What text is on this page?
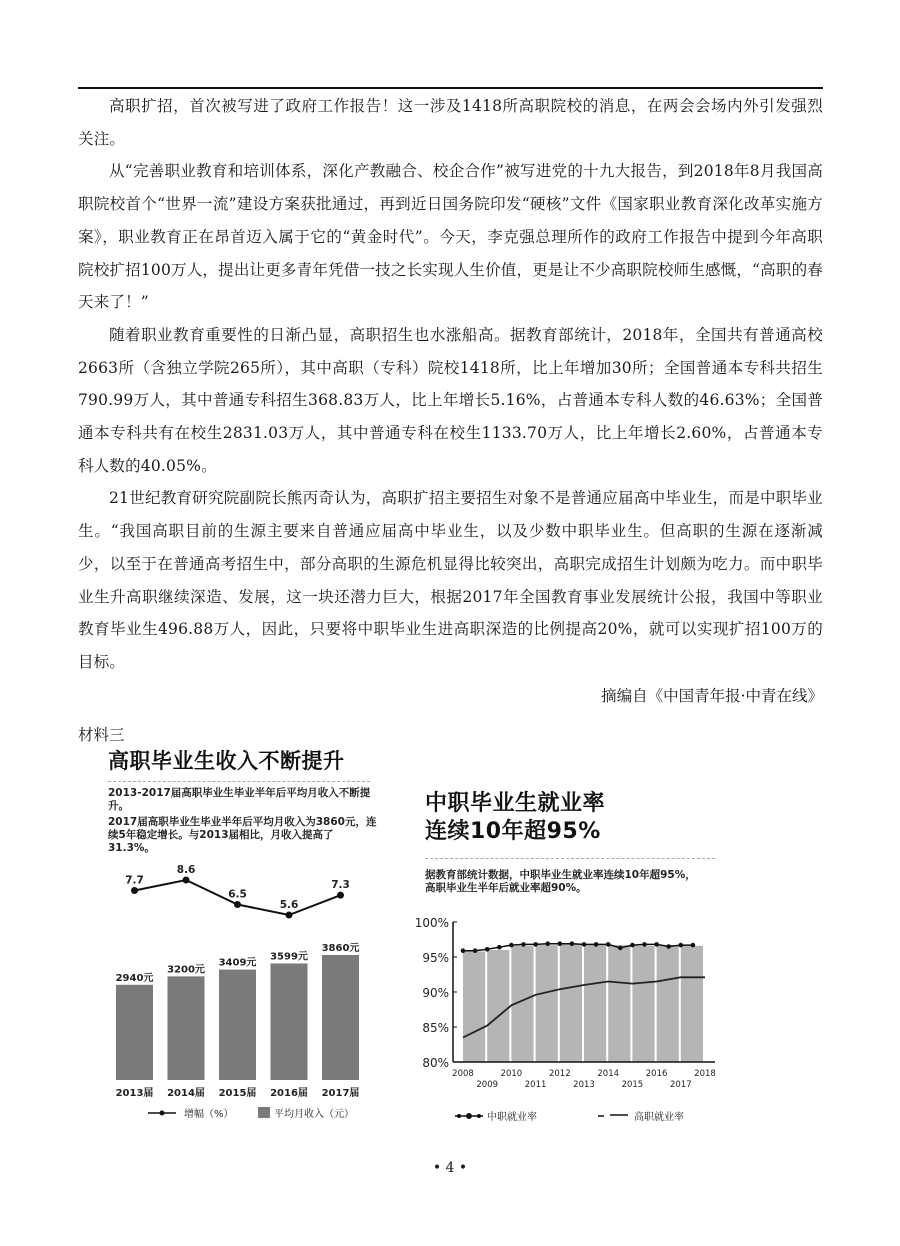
高职扩招，首次被写进了政府工作报告！这一涉及1418所高职院校的消息，在两会会场内外引发强烈关注。

从“完善职业教育和培训体系，深化产教融合、校企合作”被写进党的十九大报告，到2018年8月我国高职院校首个“世界一流”建设方案获批通过，再到近日国务院印发“硬核”文件《国家职业教育深化改革实施方案》，职业教育正在昂首迈入属于它的“黄金时代”。今天，李克强总理所作的政府工作报告中提到今年高职院校扩招100万人，提出让更多青年凭借一技之长实现人生价值，更是让不少高职院校师生感慨，“高职的春天来了！”

随着职业教育重要性的日渐凸显，高职招生也水涨船高。据教育部统计，2018年，全国共有普通高校2663所（含独立学院265所），其中高职（专科）院校1418所，比上年增加30所；全国普通本专科共招生790.99万人，其中普通专科招生368.83万人，比上年增长5.16%，占普通本专科人数的46.63%；全国普通本专科共有在校生2831.03万人，其中普通专科在校生1133.70万人，比上年增长2.60%，占普通本专科人数的40.05%。

21世纪教育研究院副院长熊丙奇认为，高职扩招主要招生对象不是普通应届高中毕业生，而是中职毕业生。“我国高职目前的生源主要来自普通应届高中毕业生，以及少数中职毕业生。但高职的生源在逐渐减少，以至于在普通高考招生中，部分高职的生源危机显得比较突出，高职完成招生计划颇为吃力。而中职毕业生升高职继续深造、发展，这一块还潜力巨大，根据2017年全国教育事业发展统计公报，我国中等职业教育毕业生496.88万人，因此，只要将中职毕业生进高职深造的比例提高20%，就可以实现扩招100万的目标。

摘编自《中国青年报·中青在线》
材料三
高职毕业生收入不断提升
2013-2017届高职毕业生毕业半年后平均月收入不断提升。
2017届高职毕业生毕业半年后平均月收入为3860元，连续5年稳定增长。与2013届相比，月收入提高了31.3%。
2940元
2013届
3200元
2014届
3409元
2015届
3599元
2016届
3860元
2017届
7.7
8.6
6.5
5.6
7.3
增幅（%）	平均月收入（元）
中职毕业生就业率
连续10年超95%
据教育部统计数据，中职毕业生就业率连续10年超95%，
高职毕业生半年后就业率超90%。
80%
85%
90%
95%
100%
2008
2009
2010
2011
2012
2013
2014
2015
2016
2017
2018
中职就业率	高职就业率
• 4 •
